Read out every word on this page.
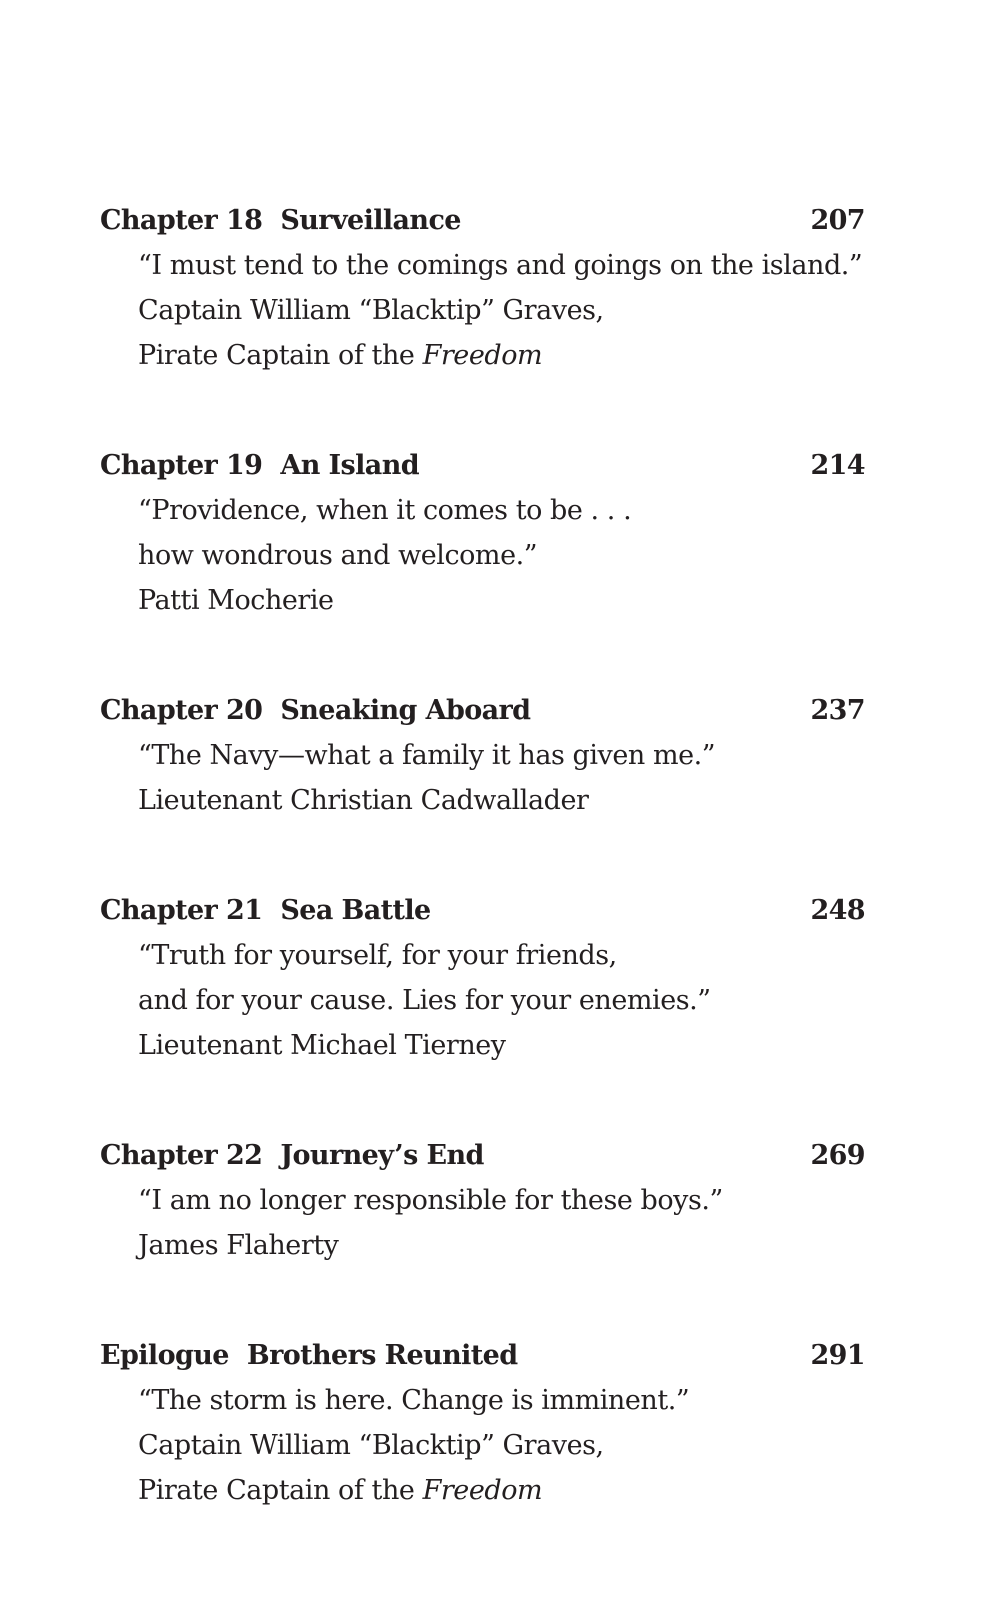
Chapter 18 Surveillance	207
“I must tend to the comings and goings on the island.”
Captain William “Blacktip” Graves,
Pirate Captain of the Freedom
Chapter 19 An Island	214
“Providence, when it comes to be . . .
how wondrous and welcome.”
Patti Mocherie
Chapter 20 Sneaking Aboard	237
“The Navy—what a family it has given me.”
Lieutenant Christian Cadwallader
Chapter 21 Sea Battle	248
“Truth for yourself, for your friends,
and for your cause. Lies for your enemies.”
Lieutenant Michael Tierney
Chapter 22 Journey’s End	269
“I am no longer responsible for these boys.”
James Flaherty
Epilogue Brothers Reunited	291
“The storm is here. Change is imminent.”
Captain William “Blacktip” Graves,
Pirate Captain of the Freedom
